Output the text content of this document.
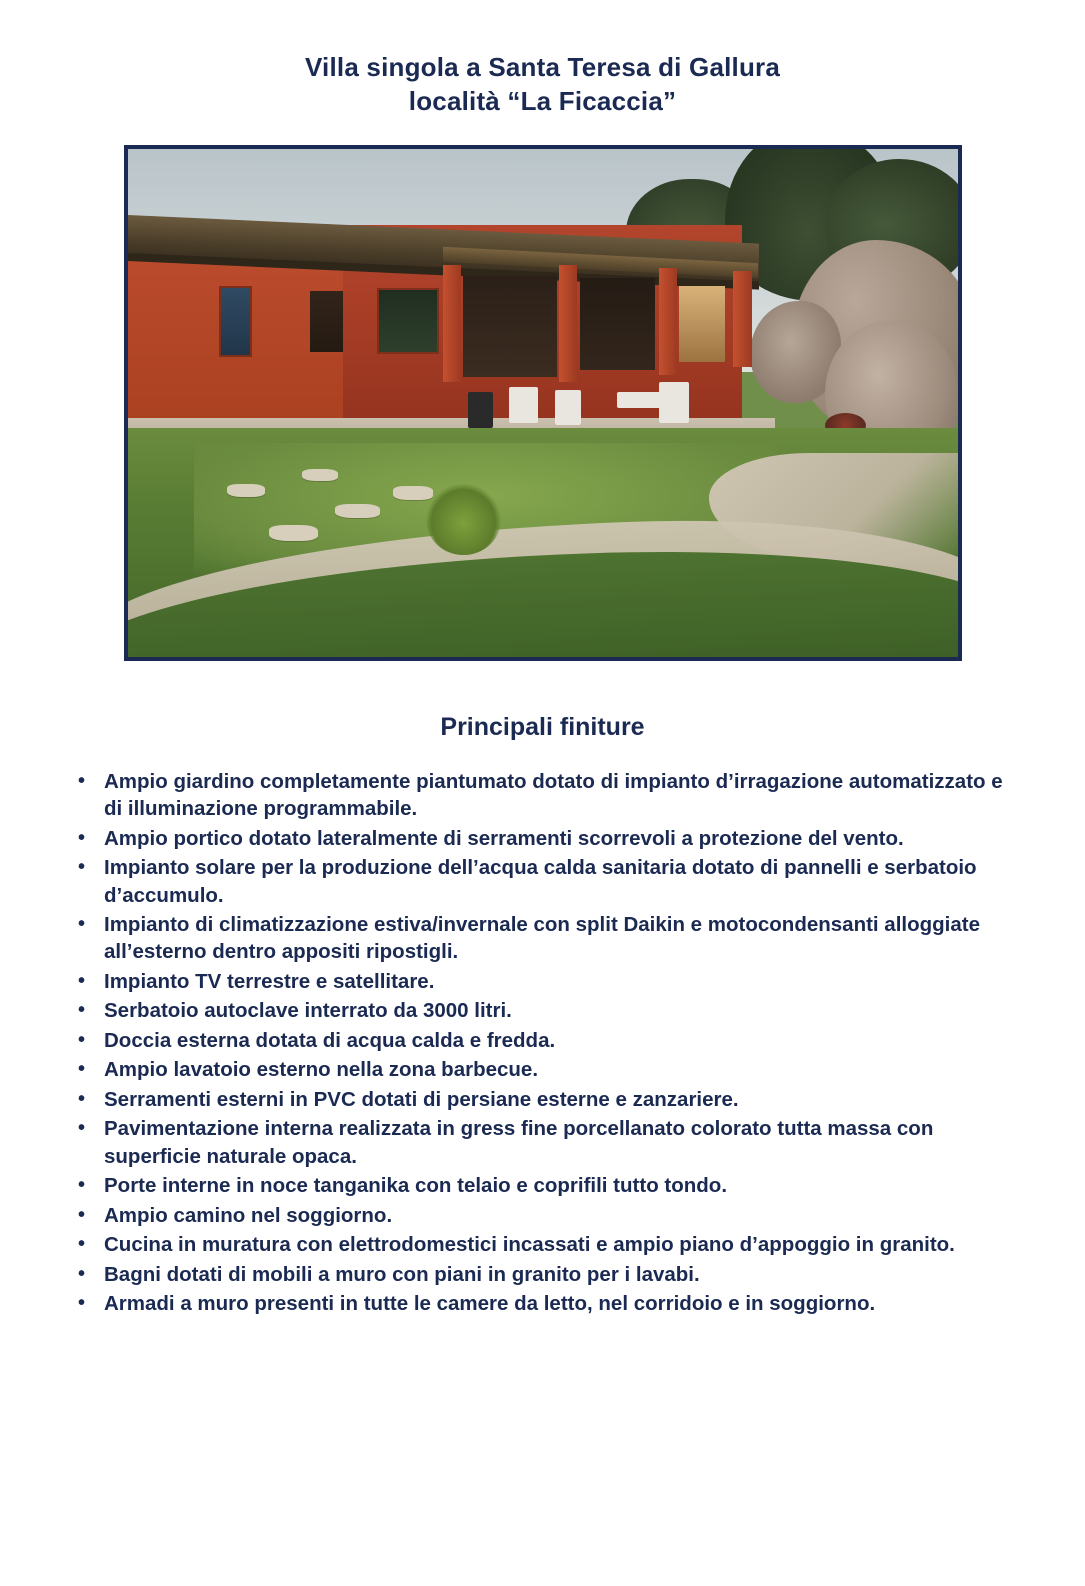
Villa singola a Santa Teresa di Gallura
località “La Ficaccia”
Principali finiture
• Ampio giardino completamente piantumato dotato di impianto d’irragazione automatizzato e di illuminazione programmabile.
• Ampio portico dotato lateralmente di serramenti scorrevoli a protezione del vento.
• Impianto solare per la produzione dell’acqua calda sanitaria dotato di pannelli e serbatoio d’accumulo.
• Impianto di climatizzazione estiva/invernale con split Daikin e motocondensanti alloggiate all’esterno dentro appositi ripostigli.
• Impianto TV terrestre e satellitare.
• Serbatoio autoclave interrato da 3000 litri.
• Doccia esterna dotata di acqua calda e fredda.
• Ampio lavatoio esterno nella zona barbecue.
• Serramenti esterni in PVC dotati di persiane esterne e zanzariere.
• Pavimentazione interna realizzata in gress fine porcellanato colorato tutta massa con superficie naturale opaca.
• Porte interne in noce tanganika con telaio e coprifili tutto tondo.
• Ampio camino nel soggiorno.
• Cucina in muratura con elettrodomestici incassati e ampio piano d’appoggio in granito.
• Bagni dotati di mobili a muro con piani in granito per i lavabi.
• Armadi a muro presenti in tutte le camere da letto, nel corridoio e in soggiorno.
